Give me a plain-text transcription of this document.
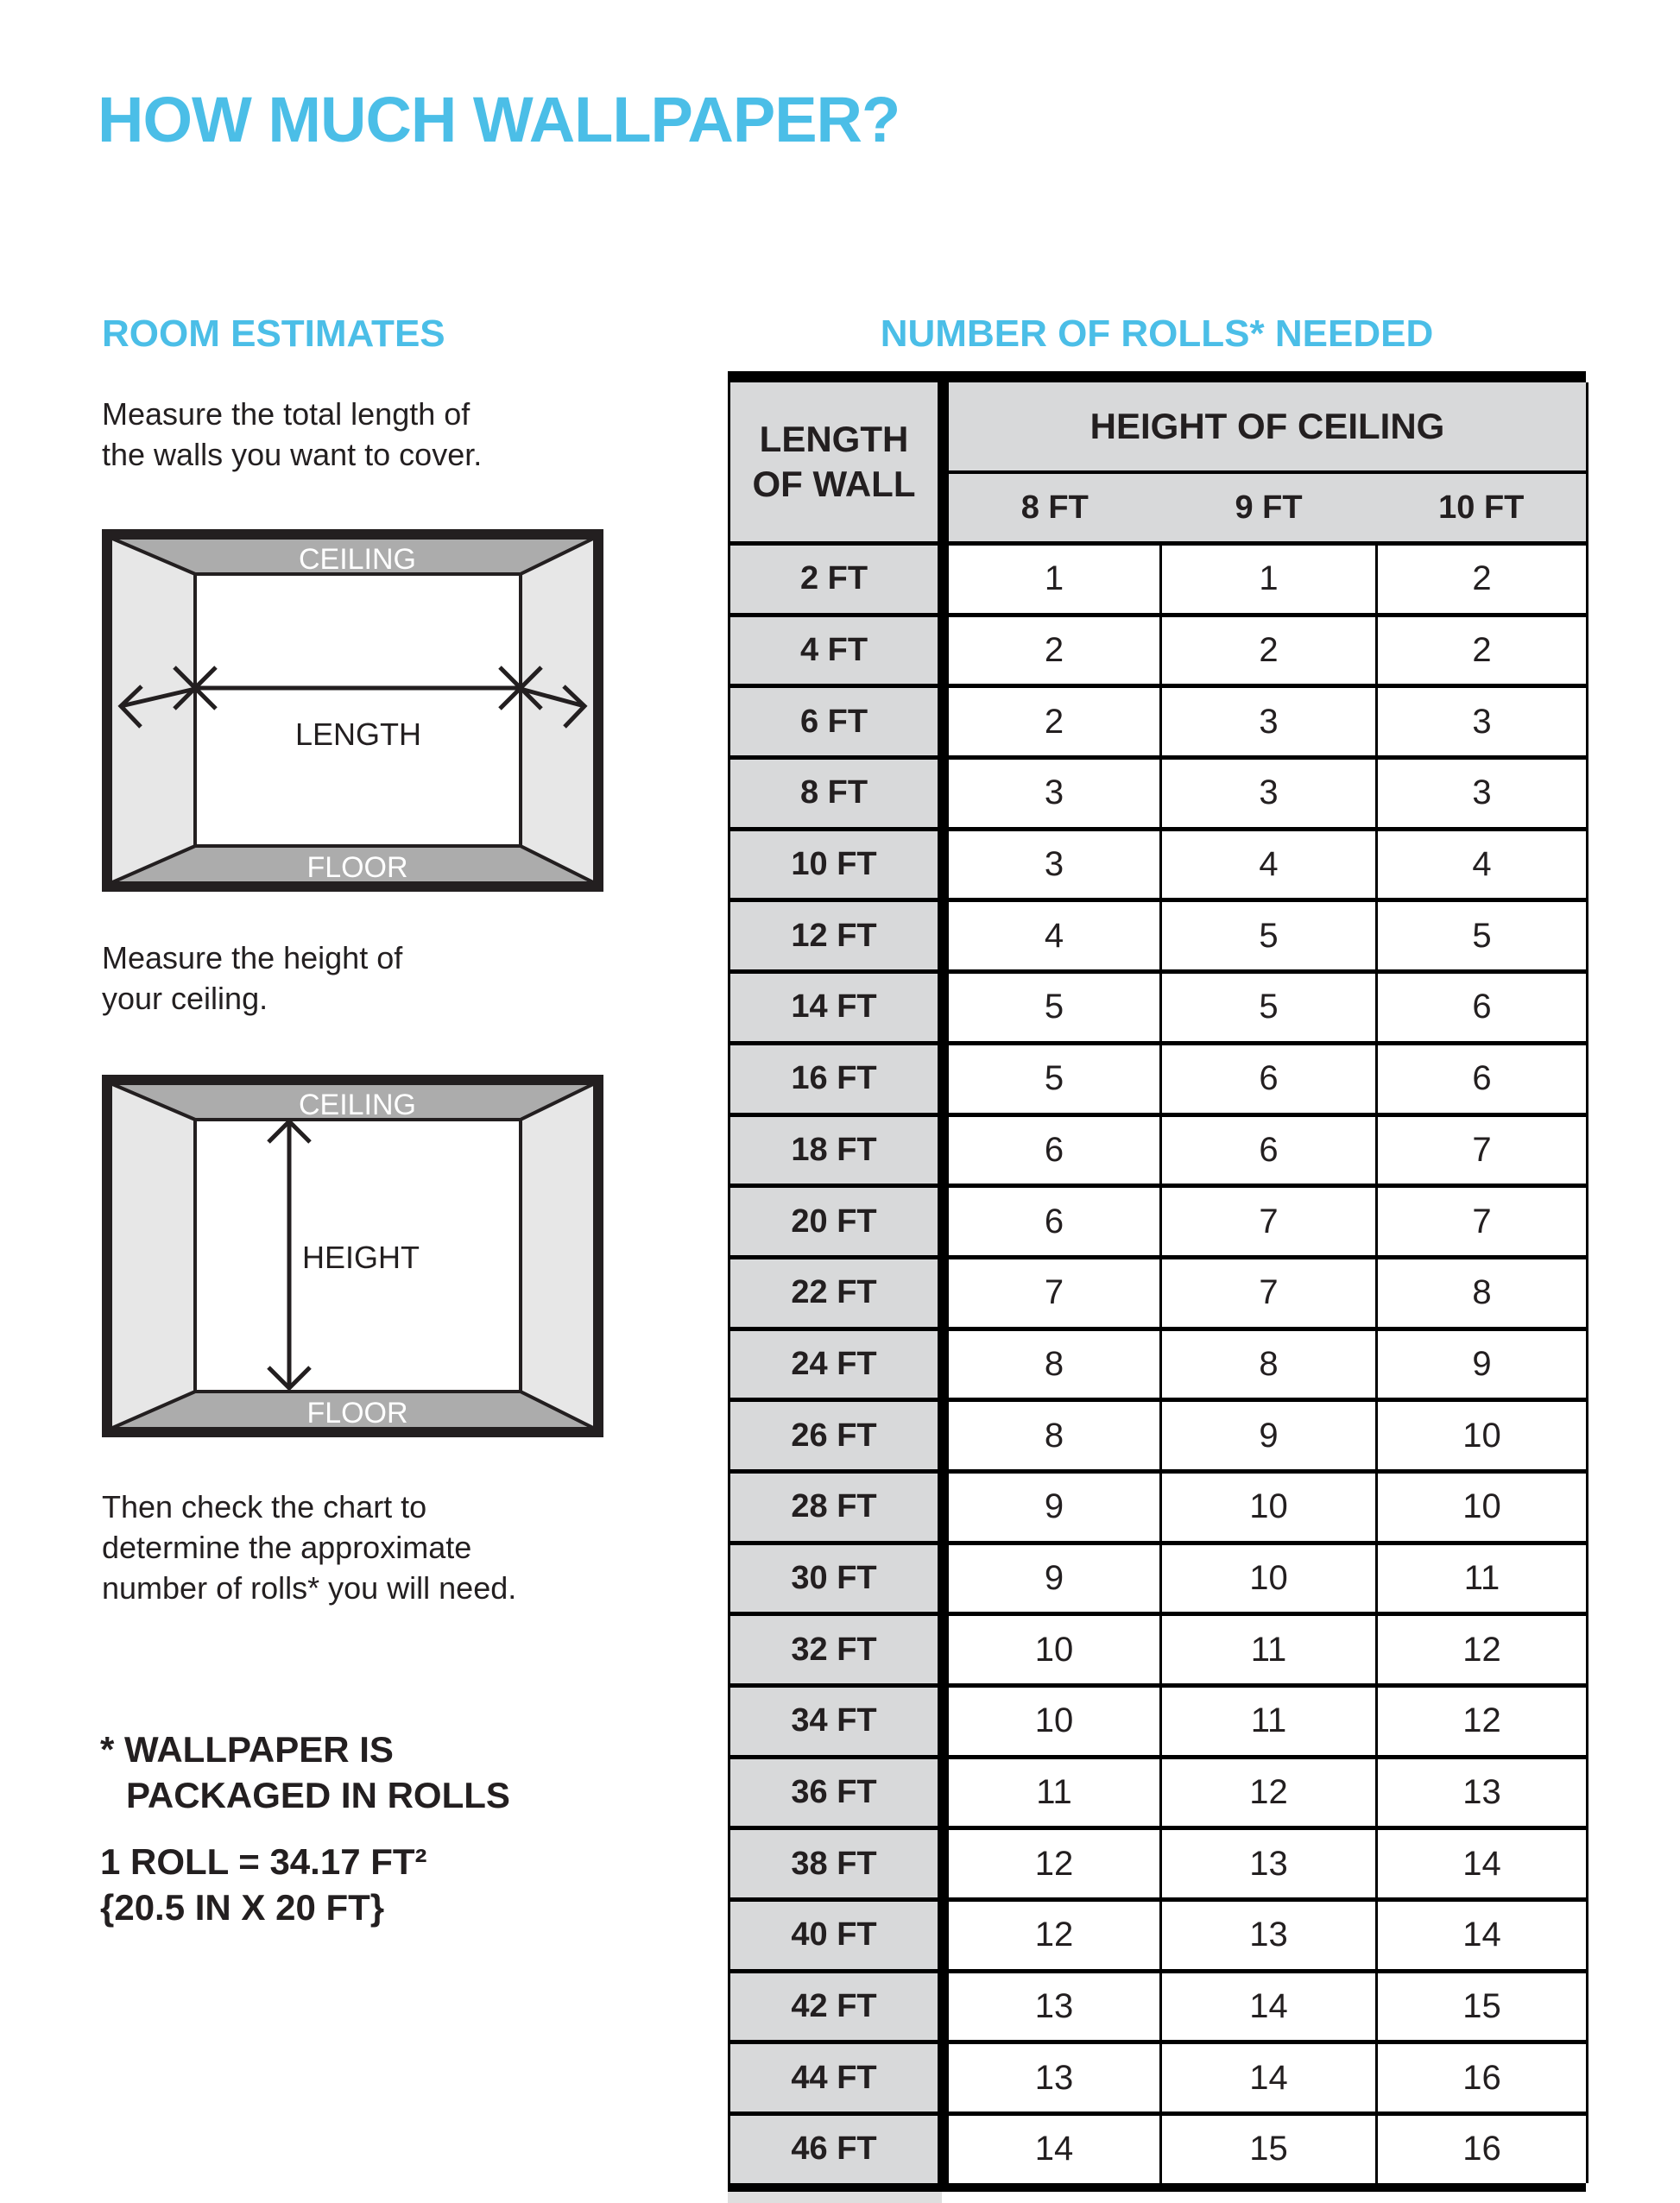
HOW MUCH WALLPAPER?
ROOM ESTIMATES	NUMBER OF ROLLS* NEEDED
Measure the total length of
the walls you want to cover.
CEILING
FLOOR
LENGTH
Measure the height of
your ceiling.
CEILING
FLOOR
HEIGHT
Then check the chart to
determine the approximate
number of rolls* you will need.
* WALLPAPER IS
PACKAGED IN ROLLS
1 ROLL = 34.17 FT²
{20.5 IN X 20 FT}
LENGTH
OF WALL	HEIGHT OF CEILING		
	8 FT	9 FT	10 FT
2 FT	1	1	2
4 FT	2	2	2
6 FT	2	3	3
8 FT	3	3	3
10 FT	3	4	4
12 FT	4	5	5
14 FT	5	5	6
16 FT	5	6	6
18 FT	6	6	7
20 FT	6	7	7
22 FT	7	7	8
24 FT	8	8	9
26 FT	8	9	10
28 FT	9	10	10
30 FT	9	10	11
32 FT	10	11	12
34 FT	10	11	12
36 FT	11	12	13
38 FT	12	13	14
40 FT	12	13	14
42 FT	13	14	15
44 FT	13	14	16
46 FT	14	15	16
